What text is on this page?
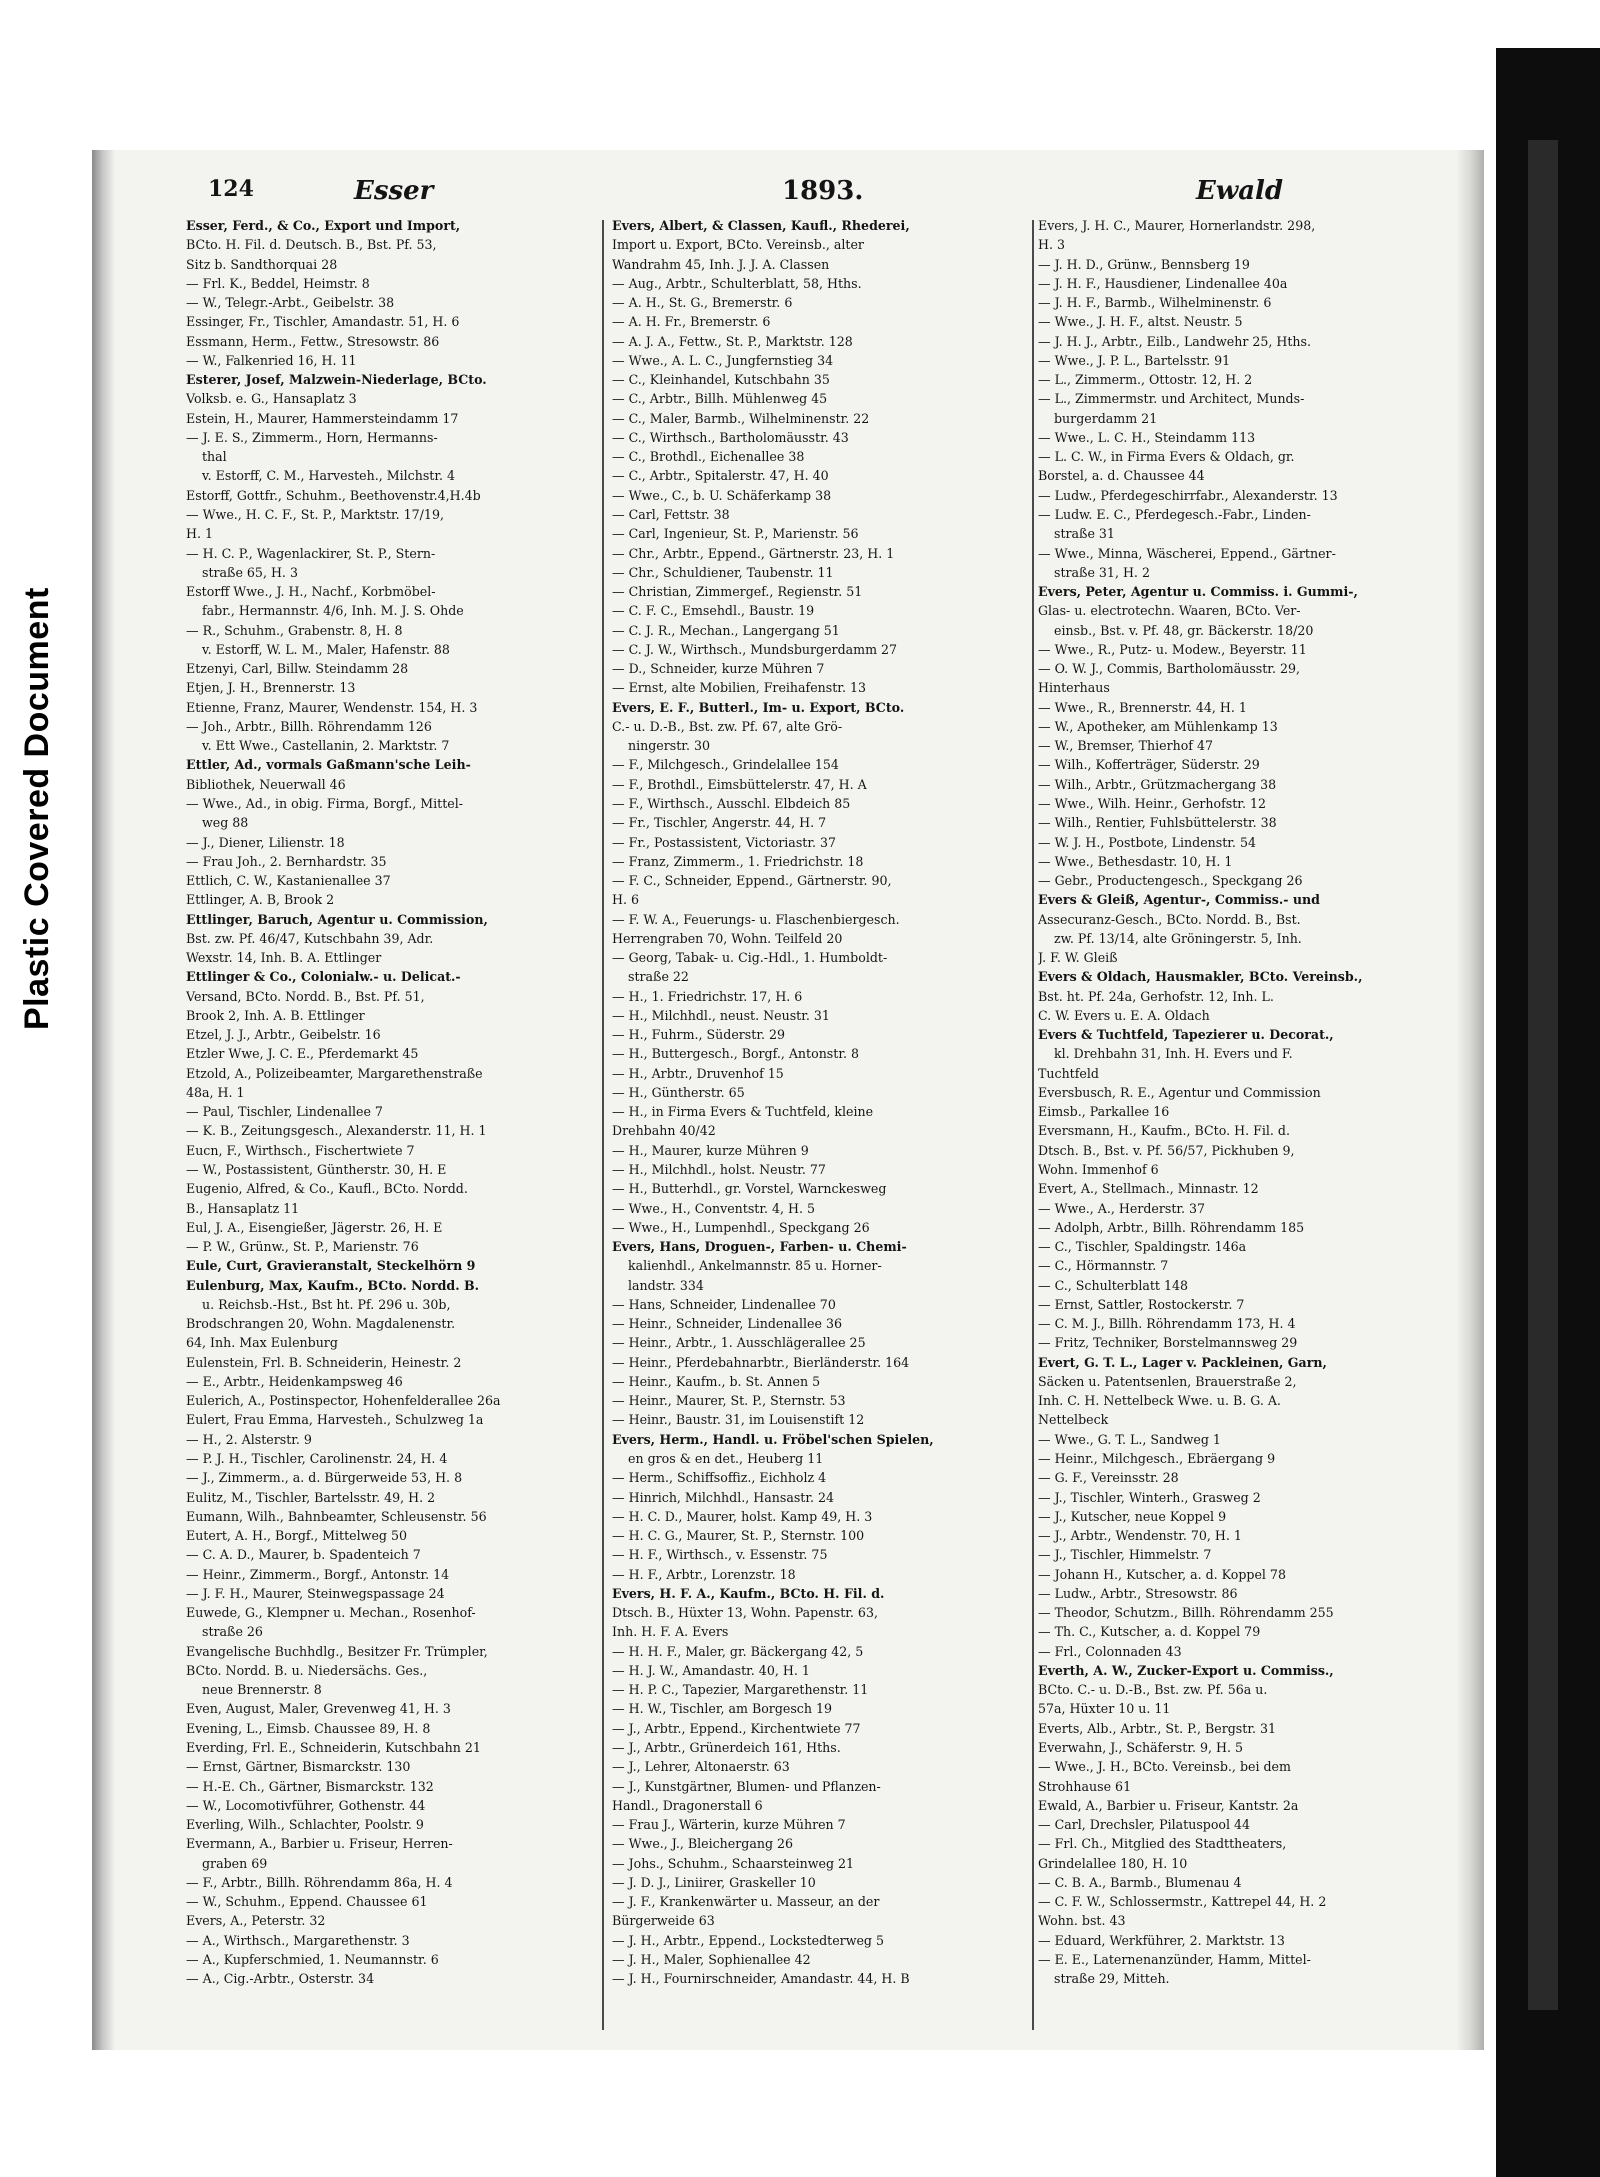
Plastic Covered Document
124	Esser	1893.	Ewald
Esser, Ferd., & Co., Export und Import,
BCto. H. Fil. d. Deutsch. B., Bst. Pf. 53,
Sitz b. Sandthorquai 28
— Frl. K., Beddel, Heimstr. 8
— W., Telegr.-Arbt., Geibelstr. 38
Essinger, Fr., Tischler, Amandastr. 51, H. 6
Essmann, Herm., Fettw., Stresowstr. 86
— W., Falkenried 16, H. 11
Esterer, Josef, Malzwein-Niederlage, BCto.
Volksb. e. G., Hansaplatz 3
Estein, H., Maurer, Hammersteindamm 17
— J. E. S., Zimmerm., Horn, Hermanns-
thal
v. Estorff, C. M., Harvesteh., Milchstr. 4
Estorff, Gottfr., Schuhm., Beethovenstr.4,H.4b
— Wwe., H. C. F., St. P., Marktstr. 17/19,
H. 1
— H. C. P., Wagenlackirer, St. P., Stern-
straße 65, H. 3
Estorff Wwe., J. H., Nachf., Korbmöbel-
fabr., Hermannstr. 4/6, Inh. M. J. S. Ohde
— R., Schuhm., Grabenstr. 8, H. 8
v. Estorff, W. L. M., Maler, Hafenstr. 88
Etzenyi, Carl, Billw. Steindamm 28
Etjen, J. H., Brennerstr. 13
Etienne, Franz, Maurer, Wendenstr. 154, H. 3
— Joh., Arbtr., Billh. Röhrendamm 126
v. Ett Wwe., Castellanin, 2. Marktstr. 7
Ettler, Ad., vormals Gaßmann'sche Leih-
Bibliothek, Neuerwall 46
— Wwe., Ad., in obig. Firma, Borgf., Mittel-
weg 88
— J., Diener, Lilienstr. 18
— Frau Joh., 2. Bernhardstr. 35
Ettlich, C. W., Kastanienallee 37
Ettlinger, A. B, Brook 2
Ettlinger, Baruch, Agentur u. Commission,
Bst. zw. Pf. 46/47, Kutschbahn 39, Adr.
Wexstr. 14, Inh. B. A. Ettlinger
Ettlinger & Co., Colonialw.- u. Delicat.-
Versand, BCto. Nordd. B., Bst. Pf. 51,
Brook 2, Inh. A. B. Ettlinger
Etzel, J. J., Arbtr., Geibelstr. 16
Etzler Wwe, J. C. E., Pferdemarkt 45
Etzold, A., Polizeibeamter, Margarethenstraße
48a, H. 1
— Paul, Tischler, Lindenallee 7
— K. B., Zeitungsgesch., Alexanderstr. 11, H. 1
Eucn, F., Wirthsch., Fischertwiete 7
— W., Postassistent, Güntherstr. 30, H. E
Eugenio, Alfred, & Co., Kaufl., BCto. Nordd.
B., Hansaplatz 11
Eul, J. A., Eisengießer, Jägerstr. 26, H. E
— P. W., Grünw., St. P., Marienstr. 76
Eule, Curt, Gravieranstalt, Steckelhörn 9
Eulenburg, Max, Kaufm., BCto. Nordd. B.
u. Reichsb.-Hst., Bst ht. Pf. 296 u. 30b,
Brodschrangen 20, Wohn. Magdalenenstr.
64, Inh. Max Eulenburg
Eulenstein, Frl. B. Schneiderin, Heinestr. 2
— E., Arbtr., Heidenkampsweg 46
Eulerich, A., Postinspector, Hohenfelderallee 26a
Eulert, Frau Emma, Harvesteh., Schulzweg 1a
— H., 2. Alsterstr. 9
— P. J. H., Tischler, Carolinenstr. 24, H. 4
— J., Zimmerm., a. d. Bürgerweide 53, H. 8
Eulitz, M., Tischler, Bartelsstr. 49, H. 2
Eumann, Wilh., Bahnbeamter, Schleusenstr. 56
Eutert, A. H., Borgf., Mittelweg 50
— C. A. D., Maurer, b. Spadenteich 7
— Heinr., Zimmerm., Borgf., Antonstr. 14
— J. F. H., Maurer, Steinwegspassage 24
Euwede, G., Klempner u. Mechan., Rosenhof-
straße 26
Evangelische Buchhdlg., Besitzer Fr. Trümpler,
BCto. Nordd. B. u. Niedersächs. Ges.,
neue Brennerstr. 8
Even, August, Maler, Grevenweg 41, H. 3
Evening, L., Eimsb. Chaussee 89, H. 8
Everding, Frl. E., Schneiderin, Kutschbahn 21
— Ernst, Gärtner, Bismarckstr. 130
— H.-E. Ch., Gärtner, Bismarckstr. 132
— W., Locomotivführer, Gothenstr. 44
Everling, Wilh., Schlachter, Poolstr. 9
Evermann, A., Barbier u. Friseur, Herren-
graben 69
— F., Arbtr., Billh. Röhrendamm 86a, H. 4
— W., Schuhm., Eppend. Chaussee 61
Evers, A., Peterstr. 32
— A., Wirthsch., Margarethenstr. 3
— A., Kupferschmied, 1. Neumannstr. 6
— A., Cig.-Arbtr., Osterstr. 34
Evers, Albert, & Classen, Kaufl., Rhederei,
Import u. Export, BCto. Vereinsb., alter
Wandrahm 45, Inh. J. J. A. Classen
— Aug., Arbtr., Schulterblatt, 58, Hths.
— A. H., St. G., Bremerstr. 6
— A. H. Fr., Bremerstr. 6
— A. J. A., Fettw., St. P., Marktstr. 128
— Wwe., A. L. C., Jungfernstieg 34
— C., Kleinhandel, Kutschbahn 35
— C., Arbtr., Billh. Mühlenweg 45
— C., Maler, Barmb., Wilhelminenstr. 22
— C., Wirthsch., Bartholomäusstr. 43
— C., Brothdl., Eichenallee 38
— C., Arbtr., Spitalerstr. 47, H. 40
— Wwe., C., b. U. Schäferkamp 38
— Carl, Fettstr. 38
— Carl, Ingenieur, St. P., Marienstr. 56
— Chr., Arbtr., Eppend., Gärtnerstr. 23, H. 1
— Chr., Schuldiener, Taubenstr. 11
— Christian, Zimmergef., Regienstr. 51
— C. F. C., Emsehdl., Baustr. 19
— C. J. R., Mechan., Langergang 51
— C. J. W., Wirthsch., Mundsburgerdamm 27
— D., Schneider, kurze Mühren 7
— Ernst, alte Mobilien, Freihafenstr. 13
Evers, E. F., Butterl., Im- u. Export, BCto.
C.- u. D.-B., Bst. zw. Pf. 67, alte Grö-
ningerstr. 30
— F., Milchgesch., Grindelallee 154
— F., Brothdl., Eimsbüttelerstr. 47, H. A
— F., Wirthsch., Ausschl. Elbdeich 85
— Fr., Tischler, Angerstr. 44, H. 7
— Fr., Postassistent, Victoriastr. 37
— Franz, Zimmerm., 1. Friedrichstr. 18
— F. C., Schneider, Eppend., Gärtnerstr. 90,
H. 6
— F. W. A., Feuerungs- u. Flaschenbiergesch.
Herrengraben 70, Wohn. Teilfeld 20
— Georg, Tabak- u. Cig.-Hdl., 1. Humboldt-
straße 22
— H., 1. Friedrichstr. 17, H. 6
— H., Milchhdl., neust. Neustr. 31
— H., Fuhrm., Süderstr. 29
— H., Buttergesch., Borgf., Antonstr. 8
— H., Arbtr., Druvenhof 15
— H., Güntherstr. 65
— H., in Firma Evers & Tuchtfeld, kleine
Drehbahn 40/42
— H., Maurer, kurze Mühren 9
— H., Milchhdl., holst. Neustr. 77
— H., Butterhdl., gr. Vorstel, Warnckesweg
— Wwe., H., Conventstr. 4, H. 5
— Wwe., H., Lumpenhdl., Speckgang 26
Evers, Hans, Droguen-, Farben- u. Chemi-
kalienhdl., Ankelmannstr. 85 u. Horner-
landstr. 334
— Hans, Schneider, Lindenallee 70
— Heinr., Schneider, Lindenallee 36
— Heinr., Arbtr., 1. Ausschlägerallee 25
— Heinr., Pferdebahnarbtr., Bierländerstr. 164
— Heinr., Kaufm., b. St. Annen 5
— Heinr., Maurer, St. P., Sternstr. 53
— Heinr., Baustr. 31, im Louisenstift 12
Evers, Herm., Handl. u. Fröbel'schen Spielen,
en gros & en det., Heuberg 11
— Herm., Schiffsoffiz., Eichholz 4
— Hinrich, Milchhdl., Hansastr. 24
— H. C. D., Maurer, holst. Kamp 49, H. 3
— H. C. G., Maurer, St. P., Sternstr. 100
— H. F., Wirthsch., v. Essenstr. 75
— H. F., Arbtr., Lorenzstr. 18
Evers, H. F. A., Kaufm., BCto. H. Fil. d.
Dtsch. B., Hüxter 13, Wohn. Papenstr. 63,
Inh. H. F. A. Evers
— H. H. F., Maler, gr. Bäckergang 42, 5
— H. J. W., Amandastr. 40, H. 1
— H. P. C., Tapezier, Margarethenstr. 11
— H. W., Tischler, am Borgesch 19
— J., Arbtr., Eppend., Kirchentwiete 77
— J., Arbtr., Grünerdeich 161, Hths.
— J., Lehrer, Altonaerstr. 63
— J., Kunstgärtner, Blumen- und Pflanzen-
Handl., Dragonerstall 6
— Frau J., Wärterin, kurze Mühren 7
— Wwe., J., Bleichergang 26
— Johs., Schuhm., Schaarsteinweg 21
— J. D. J., Liniirer, Graskeller 10
— J. F., Krankenwärter u. Masseur, an der
Bürgerweide 63
— J. H., Arbtr., Eppend., Lockstedterweg 5
— J. H., Maler, Sophienallee 42
— J. H., Fournirschneider, Amandastr. 44, H. B
Evers, J. H. C., Maurer, Hornerlandstr. 298,
H. 3
— J. H. D., Grünw., Bennsberg 19
— J. H. F., Hausdiener, Lindenallee 40a
— J. H. F., Barmb., Wilhelminenstr. 6
— Wwe., J. H. F., altst. Neustr. 5
— J. H. J., Arbtr., Eilb., Landwehr 25, Hths.
— Wwe., J. P. L., Bartelsstr. 91
— L., Zimmerm., Ottostr. 12, H. 2
— L., Zimmermstr. und Architect, Munds-
burgerdamm 21
— Wwe., L. C. H., Steindamm 113
— L. C. W., in Firma Evers & Oldach, gr.
Borstel, a. d. Chaussee 44
— Ludw., Pferdegeschirrfabr., Alexanderstr. 13
— Ludw. E. C., Pferdegesch.-Fabr., Linden-
straße 31
— Wwe., Minna, Wäscherei, Eppend., Gärtner-
straße 31, H. 2
Evers, Peter, Agentur u. Commiss. i. Gummi-,
Glas- u. electrotechn. Waaren, BCto. Ver-
einsb., Bst. v. Pf. 48, gr. Bäckerstr. 18/20
— Wwe., R., Putz- u. Modew., Beyerstr. 11
— O. W. J., Commis, Bartholomäusstr. 29,
Hinterhaus
— Wwe., R., Brennerstr. 44, H. 1
— W., Apotheker, am Mühlenkamp 13
— W., Bremser, Thierhof 47
— Wilh., Kofferträger, Süderstr. 29
— Wilh., Arbtr., Grützmachergang 38
— Wwe., Wilh. Heinr., Gerhofstr. 12
— Wilh., Rentier, Fuhlsbüttelerstr. 38
— W. J. H., Postbote, Lindenstr. 54
— Wwe., Bethesdastr. 10, H. 1
— Gebr., Productengesch., Speckgang 26
Evers & Gleiß, Agentur-, Commiss.- und
Assecuranz-Gesch., BCto. Nordd. B., Bst.
zw. Pf. 13/14, alte Gröningerstr. 5, Inh.
J. F. W. Gleiß
Evers & Oldach, Hausmakler, BCto. Vereinsb.,
Bst. ht. Pf. 24a, Gerhofstr. 12, Inh. L.
C. W. Evers u. E. A. Oldach
Evers & Tuchtfeld, Tapezierer u. Decorat.,
kl. Drehbahn 31, Inh. H. Evers und F.
Tuchtfeld
Eversbusch, R. E., Agentur und Commission
Eimsb., Parkallee 16
Eversmann, H., Kaufm., BCto. H. Fil. d.
Dtsch. B., Bst. v. Pf. 56/57, Pickhuben 9,
Wohn. Immenhof 6
Evert, A., Stellmach., Minnastr. 12
— Wwe., A., Herderstr. 37
— Adolph, Arbtr., Billh. Röhrendamm 185
— C., Tischler, Spaldingstr. 146a
— C., Hörmannstr. 7
— C., Schulterblatt 148
— Ernst, Sattler, Rostockerstr. 7
— C. M. J., Billh. Röhrendamm 173, H. 4
— Fritz, Techniker, Borstelmannsweg 29
Evert, G. T. L., Lager v. Packleinen, Garn,
Säcken u. Patentsenlen, Brauerstraße 2,
Inh. C. H. Nettelbeck Wwe. u. B. G. A.
Nettelbeck
— Wwe., G. T. L., Sandweg 1
— Heinr., Milchgesch., Ebräergang 9
— G. F., Vereinsstr. 28
— J., Tischler, Winterh., Grasweg 2
— J., Kutscher, neue Koppel 9
— J., Arbtr., Wendenstr. 70, H. 1
— J., Tischler, Himmelstr. 7
— Johann H., Kutscher, a. d. Koppel 78
— Ludw., Arbtr., Stresowstr. 86
— Theodor, Schutzm., Billh. Röhrendamm 255
— Th. C., Kutscher, a. d. Koppel 79
— Frl., Colonnaden 43
Everth, A. W., Zucker-Export u. Commiss.,
BCto. C.- u. D.-B., Bst. zw. Pf. 56a u.
57a, Hüxter 10 u. 11
Everts, Alb., Arbtr., St. P., Bergstr. 31
Everwahn, J., Schäferstr. 9, H. 5
— Wwe., J. H., BCto. Vereinsb., bei dem
Strohhause 61
Ewald, A., Barbier u. Friseur, Kantstr. 2a
— Carl, Drechsler, Pilatuspool 44
— Frl. Ch., Mitglied des Stadttheaters,
Grindelallee 180, H. 10
— C. B. A., Barmb., Blumenau 4
— C. F. W., Schlossermstr., Kattrepel 44, H. 2
Wohn. bst. 43
— Eduard, Werkführer, 2. Marktstr. 13
— E. E., Laternenanzünder, Hamm, Mittel-
straße 29, Mitteh.
